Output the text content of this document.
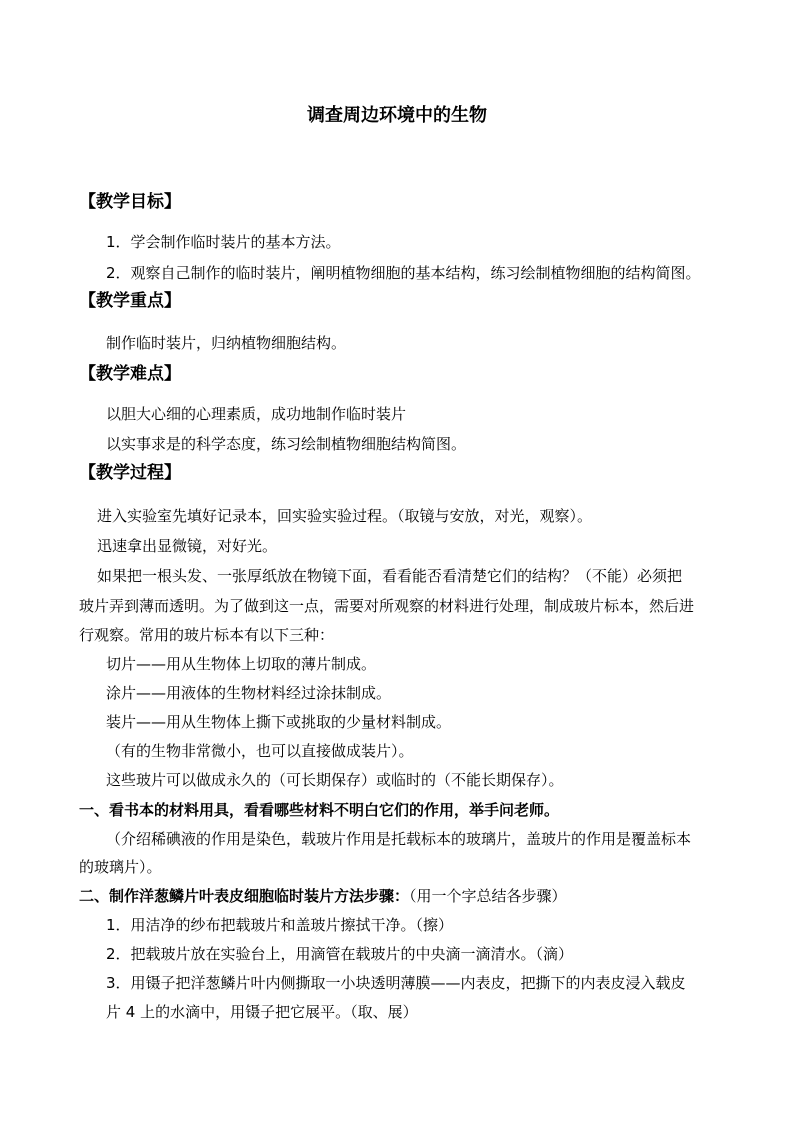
调查周边环境中的生物
【教学目标】
1．学会制作临时装片的基本方法。
2．观察自己制作的临时装片，阐明植物细胞的基本结构，练习绘制植物细胞的结构简图。
【教学重点】
制作临时装片，归纳植物细胞结构。
【教学难点】
以胆大心细的心理素质，成功地制作临时装片
以实事求是的科学态度，练习绘制植物细胞结构简图。
【教学过程】
进入实验室先填好记录本，回实验实验过程。（取镜与安放，对光，观察）。
迅速拿出显微镜，对好光。
如果把一根头发、一张厚纸放在物镜下面，看看能否看清楚它们的结构？（不能）必须把
玻片弄到薄而透明。为了做到这一点，需要对所观察的材料进行处理，制成玻片标本，然后进
行观察。常用的玻片标本有以下三种：
切片——用从生物体上切取的薄片制成。
涂片——用液体的生物材料经过涂抹制成。
装片——用从生物体上撕下或挑取的少量材料制成。
（有的生物非常微小，也可以直接做成装片）。
这些玻片可以做成永久的（可长期保存）或临时的（不能长期保存）。
一、看书本的材料用具，看看哪些材料不明白它们的作用，举手问老师。
（介绍稀碘液的作用是染色，载玻片作用是托载标本的玻璃片，盖玻片的作用是覆盖标本
的玻璃片）。
二、制作洋葱鳞片叶表皮细胞临时装片方法步骤：（用一个字总结各步骤）
1．用洁净的纱布把载玻片和盖玻片擦拭干净。（擦）
2．把载玻片放在实验台上，用滴管在载玻片的中央滴一滴清水。（滴）
3．用镊子把洋葱鳞片叶内侧撕取一小块透明薄膜——内表皮，把撕下的内表皮浸入载皮
片 4 上的水滴中，用镊子把它展平。（取、展）
